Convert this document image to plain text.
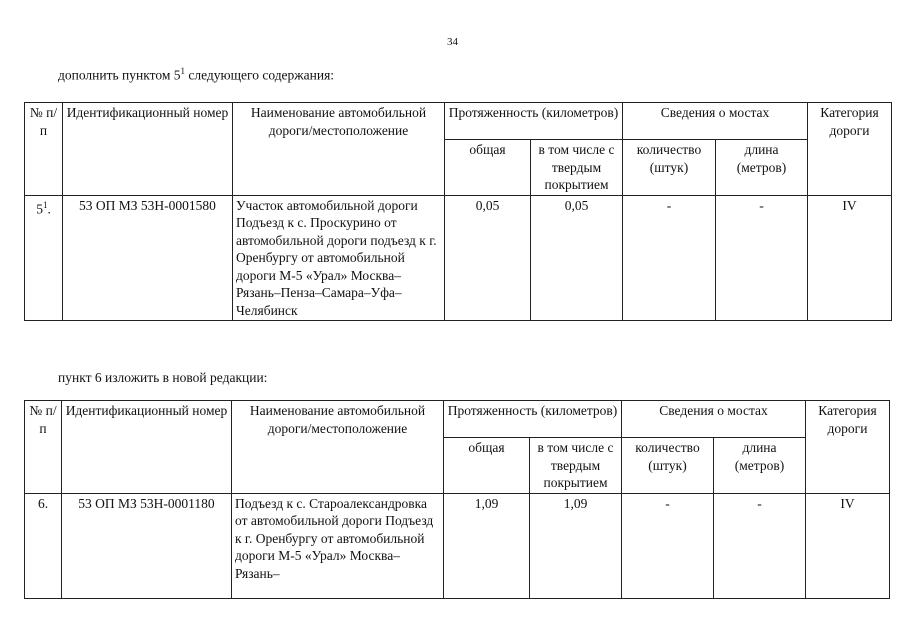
34
дополнить пунктом $5^1$ следующего содержания:
№ п/п	Идентификационный номер	Наименование автомобильной дороги/местоположение	Протяженность (километров)		Сведения о мостах		Категория дороги
			общая	в том числе с твердым покрытием	количество (штук)	длина (метров)	
$5^1$.	53 ОП МЗ 53Н-0001580	Участок автомобильной дороги Подъезд к с. Проскурино от автомобильной дороги подъезд к г. Оренбургу от автомобильной дороги М-5 «Урал» Москва–Рязань–Пенза–Самара–Уфа–Челябинск	0,05	0,05	-	-	IV
пункт 6 изложить в новой редакции:
№ п/п	Идентификационный номер	Наименование автомобильной дороги/местоположение	Протяженность (километров)		Сведения о мостах		Категория дороги
			общая	в том числе с твердым покрытием	количество (штук)	длина (метров)	
6.	53 ОП МЗ 53Н-0001180	Подъезд к с. Староалександровка от автомобильной дороги Подъезд к г. Оренбургу от автомобильной дороги М-5 «Урал» Москва–Рязань–	1,09	1,09	-	-	IV
